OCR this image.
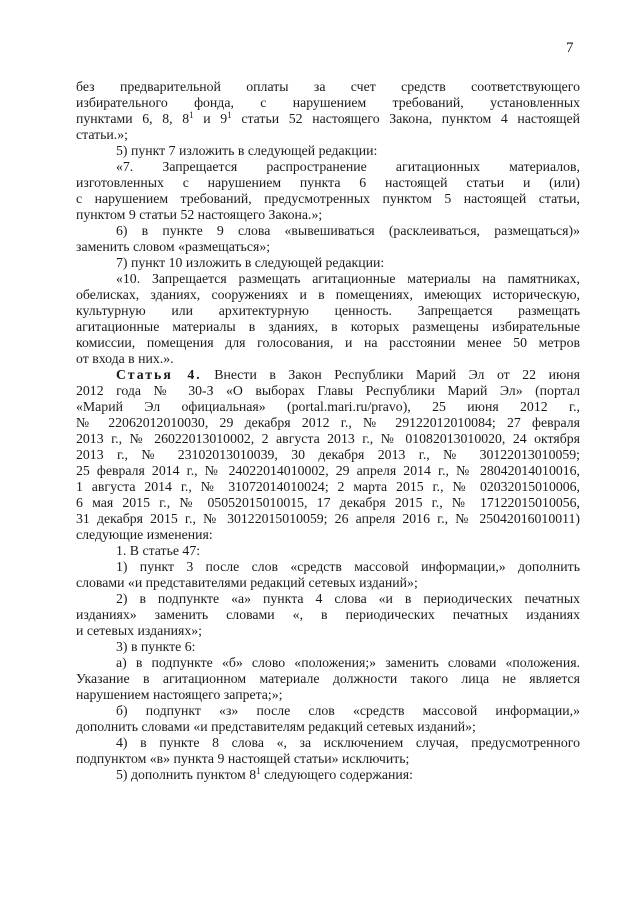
7

без предварительной оплаты за счет средств соответствующего

избирательного фонда, с нарушением требований, установленных

пунктами 6, 8, $8^1$ и $9^1$ статьи 52 настоящего Закона, пунктом 4 настоящей

статьи.»;

5) пункт 7 изложить в следующей редакции:

«7. Запрещается распространение агитационных материалов,

изготовленных с нарушением пункта 6 настоящей статьи и (или)

с нарушением требований, предусмотренных пунктом 5 настоящей статьи,

пунктом 9 статьи 52 настоящего Закона.»;

6) в пункте 9 слова «вывешиваться (расклеиваться, размещаться)»

заменить словом «размещаться»;

7) пункт 10 изложить в следующей редакции:

«10. Запрещается размещать агитационные материалы на памятниках,

обелисках, зданиях, сооружениях и в помещениях, имеющих историческую,

культурную или архитектурную ценность. Запрещается размещать

агитационные материалы в зданиях, в которых размещены избирательные

комиссии, помещения для голосования, и на расстоянии менее 50 метров

от входа в них.».

Статья 4. Внести в Закон Республики Марий Эл от 22 июня

2012 года № 30-З «О выборах Главы Республики Марий Эл» (портал

«Марий Эл официальная» (portal.mari.ru/pravo), 25 июня 2012 г.,

№ 22062012010030, 29 декабря 2012 г., № 29122012010084; 27 февраля

2013 г., № 26022013010002, 2 августа 2013 г., № 01082013010020, 24 октября

2013 г., № 23102013010039, 30 декабря 2013 г., № 30122013010059;

25 февраля 2014 г., № 24022014010002, 29 апреля 2014 г., № 28042014010016,

1 августа 2014 г., № 31072014010024; 2 марта 2015 г., № 02032015010006,

6 мая 2015 г., № 05052015010015, 17 декабря 2015 г., № 17122015010056,

31 декабря 2015 г., № 30122015010059; 26 апреля 2016 г., № 25042016010011)

следующие изменения:

1. В статье 47:

1) пункт 3 после слов «средств массовой информации,» дополнить

словами «и представителями редакций сетевых изданий»;

2) в подпункте «а» пункта 4 слова «и в периодических печатных

изданиях» заменить словами «, в периодических печатных изданиях

и сетевых изданиях»;

3) в пункте 6:

а) в подпункте «б» слово «положения;» заменить словами «положения.

Указание в агитационном материале должности такого лица не является

нарушением настоящего запрета;»;

б) подпункт «з» после слов «средств массовой информации,»

дополнить словами «и представителям редакций сетевых изданий»;

4) в пункте 8 слова «, за исключением случая, предусмотренного

подпунктом «в» пункта 9 настоящей статьи» исключить;

5) дополнить пунктом $8^1$ следующего содержания:
